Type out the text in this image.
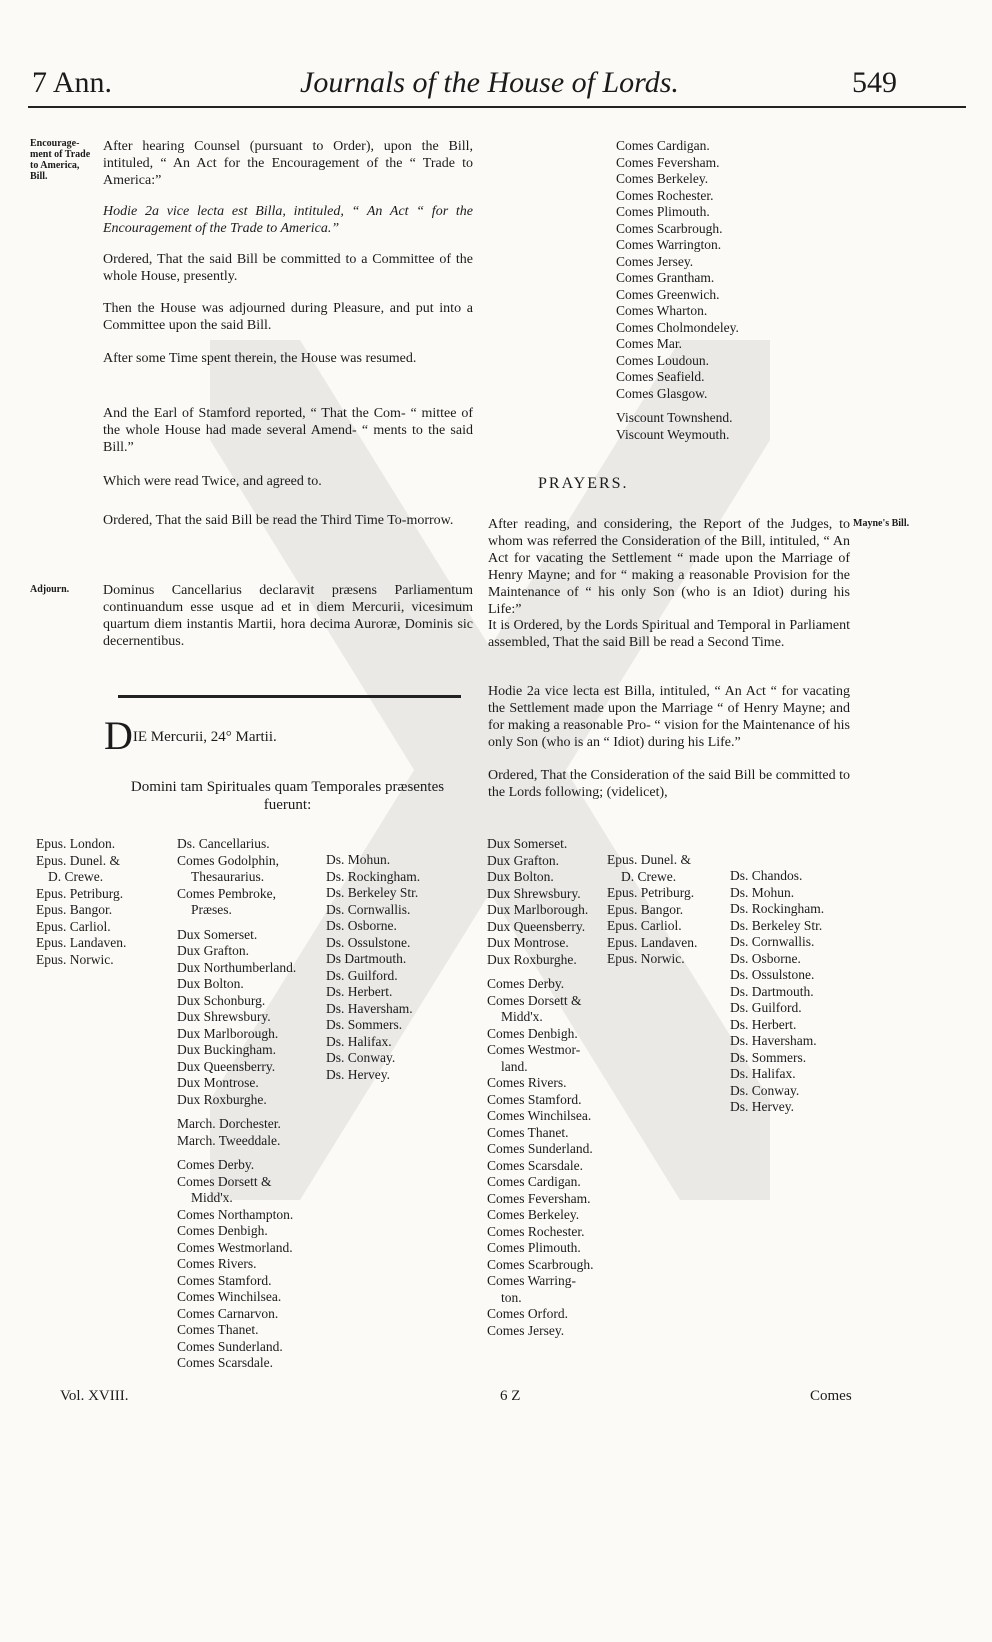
7 Ann.	Journals of the House of Lords.	549
Encourage-
ment of Trade
to America,
Bill.
Adjourn.
Mayne's Bill.

After hearing Counsel (pursuant to Order), upon the Bill, intituled, “ An Act for the Encouragement of the “ Trade to America:”

Hodie 2a vice lecta est Billa, intituled, “ An Act “ for the Encouragement of the Trade to America.”

Ordered, That the said Bill be committed to a Committee of the whole House, presently.

Then the House was adjourned during Pleasure, and put into a Committee upon the said Bill.

After some Time spent therein, the House was resumed.

And the Earl of Stamford reported, “ That the Com- “ mittee of the whole House had made several Amend- “ ments to the said Bill.”

Which were read Twice, and agreed to.

Ordered, That the said Bill be read the Third Time To-morrow.

Dominus Cancellarius declaravit præsens Parliamentum continuandum esse usque ad et in diem Mercurii, vicesimum quartum diem instantis Martii, hora decima Auroræ, Dominis sic decernentibus.

DIE Mercurii, 24° Martii.
Domini tam Spirituales quam Temporales præsentes fuerunt:
Epus. London.
Epus. Dunel. &
D. Crewe.
Epus. Petriburg.
Epus. Bangor.
Epus. Carliol.
Epus. Landaven.
Epus. Norwic.
Ds. Cancellarius.
Comes Godolphin,
Thesaurarius.
Comes Pembroke,
Præses.
Dux Somerset.
Dux Grafton.
Dux Northumberland.
Dux Bolton.
Dux Schonburg.
Dux Shrewsbury.
Dux Marlborough.
Dux Buckingham.
Dux Queensberry.
Dux Montrose.
Dux Roxburghe.
March. Dorchester.
March. Tweeddale.
Comes Derby.
Comes Dorsett &
Midd'x.
Comes Northampton.
Comes Denbigh.
Comes Westmorland.
Comes Rivers.
Comes Stamford.
Comes Winchilsea.
Comes Carnarvon.
Comes Thanet.
Comes Sunderland.
Comes Scarsdale.
Ds. Mohun.
Ds. Rockingham.
Ds. Berkeley Str.
Ds. Cornwallis.
Ds. Osborne.
Ds. Ossulstone.
Ds Dartmouth.
Ds. Guilford.
Ds. Herbert.
Ds. Haversham.
Ds. Sommers.
Ds. Halifax.
Ds. Conway.
Ds. Hervey.
Comes Cardigan.
Comes Feversham.
Comes Berkeley.
Comes Rochester.
Comes Plimouth.
Comes Scarbrough.
Comes Warrington.
Comes Jersey.
Comes Grantham.
Comes Greenwich.
Comes Wharton.
Comes Cholmondeley.
Comes Mar.
Comes Loudoun.
Comes Seafield.
Comes Glasgow.
Viscount Townshend.
Viscount Weymouth.
PRAYERS.

After reading, and considering, the Report of the Judges, to whom was referred the Consideration of the Bill, intituled, “ An Act for vacating the Settlement “ made upon the Marriage of Henry Mayne; and for “ making a reasonable Provision for the Maintenance of “ his only Son (who is an Idiot) during his Life:”

It is Ordered, by the Lords Spiritual and Temporal in Parliament assembled, That the said Bill be read a Second Time.

Hodie 2a vice lecta est Billa, intituled, “ An Act “ for vacating the Settlement made upon the Marriage “ of Henry Mayne; and for making a reasonable Pro- “ vision for the Maintenance of his only Son (who is an “ Idiot) during his Life.”

Ordered, That the Consideration of the said Bill be committed to the Lords following; (videlicet),

Dux Somerset.
Dux Grafton.
Dux Bolton.
Dux Shrewsbury.
Dux Marlborough.
Dux Queensberry.
Dux Montrose.
Dux Roxburghe.
Comes Derby.
Comes Dorsett &
Midd'x.
Comes Denbigh.
Comes Westmor-
land.
Comes Rivers.
Comes Stamford.
Comes Winchilsea.
Comes Thanet.
Comes Sunderland.
Comes Scarsdale.
Comes Cardigan.
Comes Feversham.
Comes Berkeley.
Comes Rochester.
Comes Plimouth.
Comes Scarbrough.
Comes Warring-
ton.
Comes Orford.
Comes Jersey.
Epus. Dunel. &
D. Crewe.
Epus. Petriburg.
Epus. Bangor.
Epus. Carliol.
Epus. Landaven.
Epus. Norwic.
Ds. Chandos.
Ds. Mohun.
Ds. Rockingham.
Ds. Berkeley Str.
Ds. Cornwallis.
Ds. Osborne.
Ds. Ossulstone.
Ds. Dartmouth.
Ds. Guilford.
Ds. Herbert.
Ds. Haversham.
Ds. Sommers.
Ds. Halifax.
Ds. Conway.
Ds. Hervey.
Vol. XVIII.	6 Z	Comes
